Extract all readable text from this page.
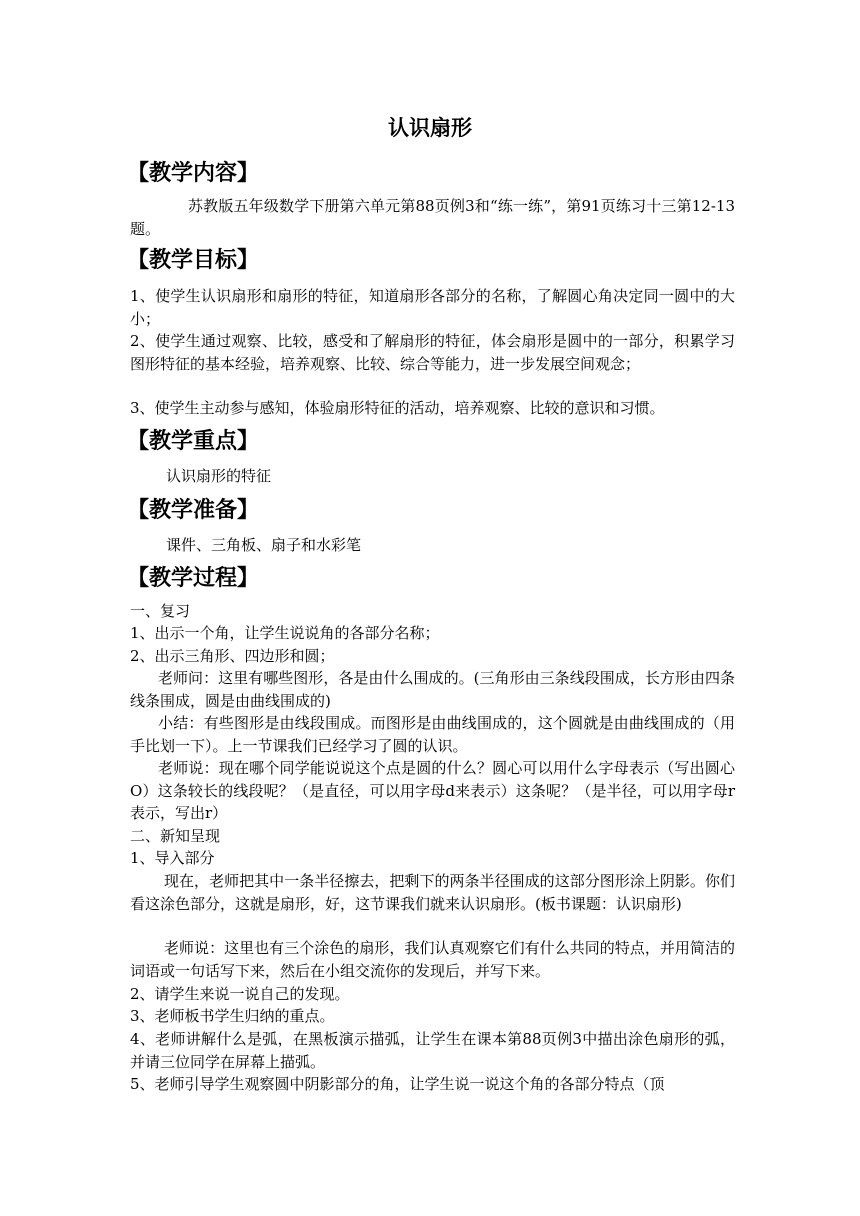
认识扇形
【教学内容】
苏教版五年级数学下册第六单元第88页例3和“练一练”，第91页练习十三第12-13题。
【教学目标】
1、使学生认识扇形和扇形的特征，知道扇形各部分的名称，了解圆心角决定同一圆中的大小；
2、使学生通过观察、比较，感受和了解扇形的特征，体会扇形是圆中的一部分，积累学习图形特征的基本经验，培养观察、比较、综合等能力，进一步发展空间观念；
3、使学生主动参与感知，体验扇形特征的活动，培养观察、比较的意识和习惯。
【教学重点】
认识扇形的特征
【教学准备】
课件、三角板、扇子和水彩笔
【教学过程】
一、复习
1、出示一个角，让学生说说角的各部分名称；
2、出示三角形、四边形和圆；
老师问：这里有哪些图形，各是由什么围成的。(三角形由三条线段围成，长方形由四条线条围成，圆是由曲线围成的)
小结：有些图形是由线段围成。而图形是由曲线围成的，这个圆就是由曲线围成的（用手比划一下）。上一节课我们已经学习了圆的认识。
老师说：现在哪个同学能说说这个点是圆的什么？圆心可以用什么字母表示（写出圆心O）这条较长的线段呢？（是直径，可以用字母d来表示）这条呢？（是半径，可以用字母r表示，写出r）
二、新知呈现
1、导入部分
现在，老师把其中一条半径擦去，把剩下的两条半径围成的这部分图形涂上阴影。你们看这涂色部分，这就是扇形，好，这节课我们就来认识扇形。(板书课题：认识扇形)
老师说：这里也有三个涂色的扇形，我们认真观察它们有什么共同的特点，并用简洁的词语或一句话写下来，然后在小组交流你的发现后，并写下来。
2、请学生来说一说自己的发现。
3、老师板书学生归纳的重点。
4、老师讲解什么是弧，在黑板演示描弧，让学生在课本第88页例3中描出涂色扇形的弧，并请三位同学在屏幕上描弧。
5、老师引导学生观察圆中阴影部分的角，让学生说一说这个角的各部分特点（顶
